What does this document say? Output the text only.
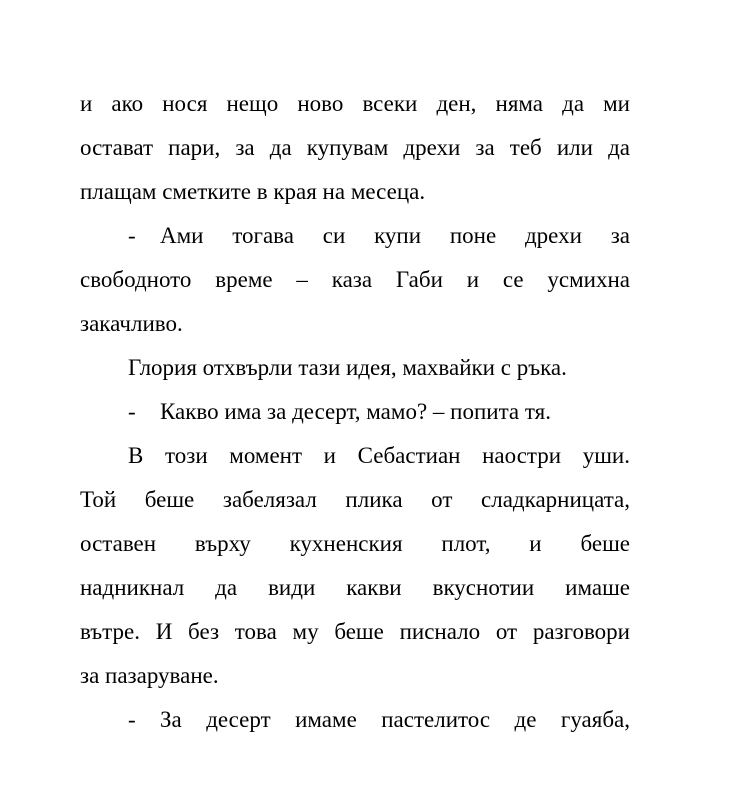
и ако нося нещо ново всеки ден, няма да ми
остават пари, за да купувам дрехи за теб или да
плащам сметките в края на месеца.
- Ами тогава си купи поне дрехи за
свободното време – каза Габи и се усмихна
закачливо.
Глория отхвърли тази идея, махвайки с ръка.
- Какво има за десерт, мамо? – попита тя.
В този момент и Себастиан наостри уши.
Той беше забелязал плика от сладкарницата,
оставен върху кухненския плот, и беше
надникнал да види какви вкуснотии имаше
вътре. И без това му беше писнало от разговори
за пазаруване.
- За десерт имаме пастелитос де гуаяба,
